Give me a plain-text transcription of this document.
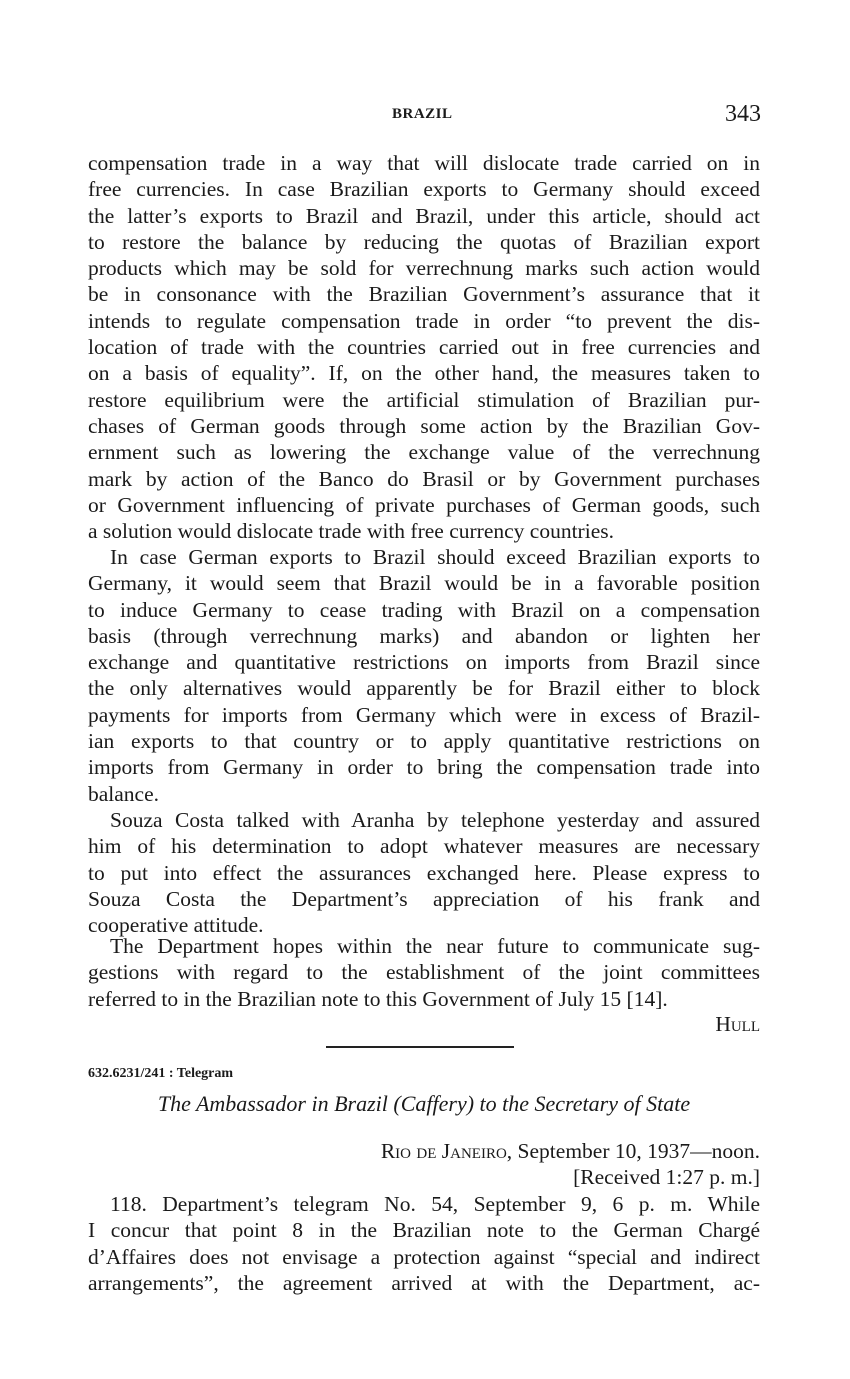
BRAZIL	343
compensation trade in a way that will dislocate trade carried on in
free currencies. In case Brazilian exports to Germany should exceed
the latter’s exports to Brazil and Brazil, under this article, should act
to restore the balance by reducing the quotas of Brazilian export
products which may be sold for verrechnung marks such action would
be in consonance with the Brazilian Government’s assurance that it
intends to regulate compensation trade in order “to prevent the dis-
location of trade with the countries carried out in free currencies and
on a basis of equality”. If, on the other hand, the measures taken to
restore equilibrium were the artificial stimulation of Brazilian pur-
chases of German goods through some action by the Brazilian Gov-
ernment such as lowering the exchange value of the verrechnung
mark by action of the Banco do Brasil or by Government purchases
or Government influencing of private purchases of German goods, such
a solution would dislocate trade with free currency countries.
In case German exports to Brazil should exceed Brazilian exports to
Germany, it would seem that Brazil would be in a favorable position
to induce Germany to cease trading with Brazil on a compensation
basis (through verrechnung marks) and abandon or lighten her
exchange and quantitative restrictions on imports from Brazil since
the only alternatives would apparently be for Brazil either to block
payments for imports from Germany which were in excess of Brazil-
ian exports to that country or to apply quantitative restrictions on
imports from Germany in order to bring the compensation trade into
balance.
Souza Costa talked with Aranha by telephone yesterday and assured
him of his determination to adopt whatever measures are necessary
to put into effect the assurances exchanged here. Please express to
Souza Costa the Department’s appreciation of his frank and
cooperative attitude.
The Department hopes within the near future to communicate sug-
gestions with regard to the establishment of the joint committees
referred to in the Brazilian note to this Government of July 15 [14].
Hull
632.6231/241 : Telegram
The Ambassador in Brazil (Caffery) to the Secretary of State
Rio de Janeiro, September 10, 1937—noon.
[Received 1:27 p. m.]
118. Department’s telegram No. 54, September 9, 6 p. m. While
I concur that point 8 in the Brazilian note to the German Chargé
d’Affaires does not envisage a protection against “special and indirect
arrangements”, the agreement arrived at with the Department, ac-
